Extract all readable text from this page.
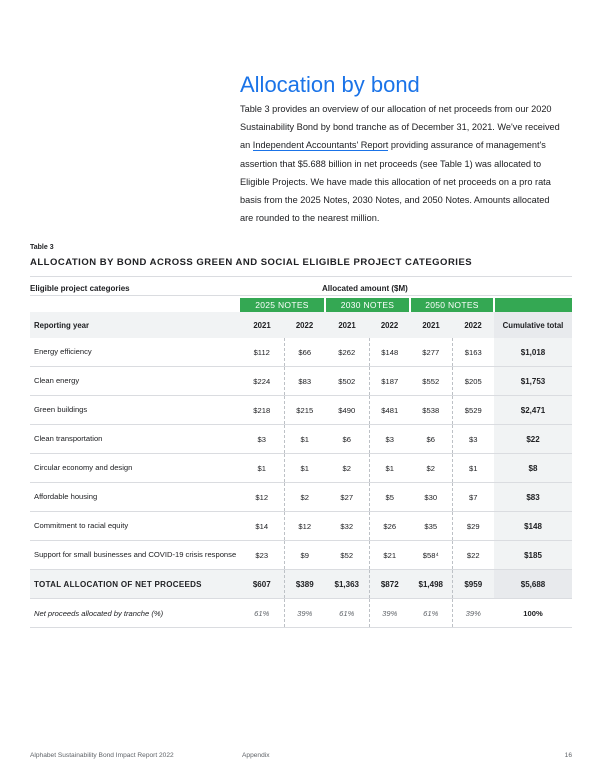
Allocation by bond
Table 3 provides an overview of our allocation of net proceeds from our 2020 Sustainability Bond by bond tranche as of December 31, 2021. We've received an Independent Accountants' Report providing assurance of management's assertion that $5.688 billion in net proceeds (see Table 1) was allocated to Eligible Projects. We have made this allocation of net proceeds on a pro rata basis from the 2025 Notes, 2030 Notes, and 2050 Notes. Amounts allocated are rounded to the nearest million.
Table 3
ALLOCATION BY BOND ACROSS GREEN AND SOCIAL ELIGIBLE PROJECT CATEGORIES
Eligible project categories	Allocated amount ($M)
	2025 NOTES		2030 NOTES		2050 NOTES		
Reporting year	2021	2022	2021	2022	2021	2022	Cumulative total
Energy efficiency	$112	$66	$262	$148	$277	$163	$1,018
Clean energy	$224	$83	$502	$187	$552	$205	$1,753
Green buildings	$218	$215	$490	$481	$538	$529	$2,471
Clean transportation	$3	$1	$6	$3	$6	$3	$22
Circular economy and design	$1	$1	$2	$1	$2	$1	$8
Affordable housing	$12	$2	$27	$5	$30	$7	$83
Commitment to racial equity	$14	$12	$32	$26	$35	$29	$148
Support for small businesses and COVID-19 crisis response	$23	$9	$52	$21	$58⁴	$22	$185
TOTAL ALLOCATION OF NET PROCEEDS	$607	$389	$1,363	$872	$1,498	$959	$5,688
Net proceeds allocated by tranche (%)	61%	39%	61%	39%	61%	39%	100%
Alphabet Sustainability Bond Impact Report 2022	Appendix	16
